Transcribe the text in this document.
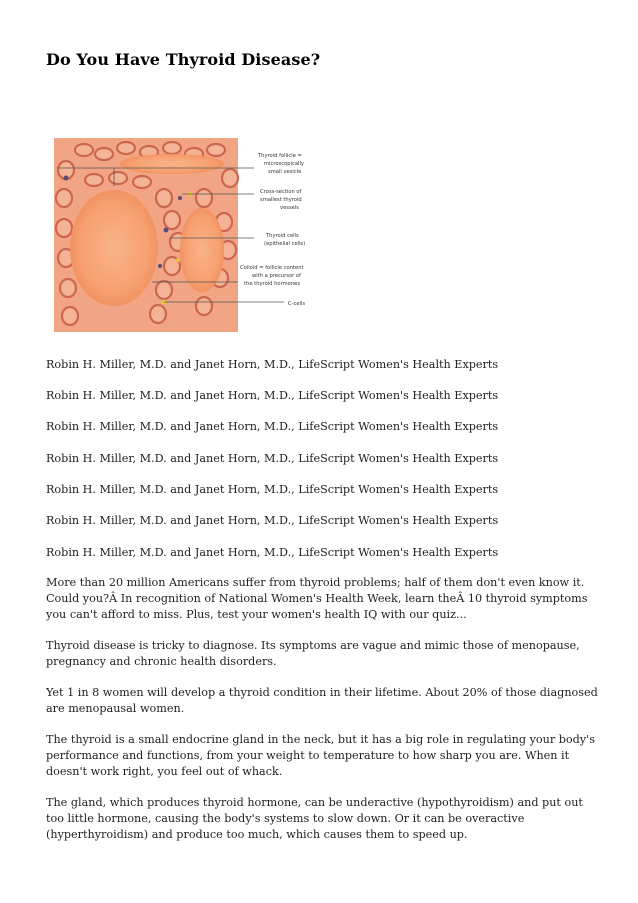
Do You Have Thyroid Disease?
Thyroid follicle =
microscopically
small vesicle
Cross-section of
smallest thyroid
vessels
Thyroid cells
(epithelial cells)
Colloid = follicle content
with a precursor of
the thyroid hormones
C-cells

Robin H. Miller, M.D. and Janet Horn, M.D., LifeScript Women's Health Experts

Robin H. Miller, M.D. and Janet Horn, M.D., LifeScript Women's Health Experts

Robin H. Miller, M.D. and Janet Horn, M.D., LifeScript Women's Health Experts

Robin H. Miller, M.D. and Janet Horn, M.D., LifeScript Women's Health Experts

Robin H. Miller, M.D. and Janet Horn, M.D., LifeScript Women's Health Experts

Robin H. Miller, M.D. and Janet Horn, M.D., LifeScript Women's Health Experts

Robin H. Miller, M.D. and Janet Horn, M.D., LifeScript Women's Health Experts

More than 20 million Americans suffer from thyroid problems; half of them don't even know it. Could you?Â In recognition of National Women's Health Week, learn theÂ 10 thyroid symptoms you can't afford to miss. Plus, test your women's health IQ with our quiz...

Thyroid disease is tricky to diagnose. Its symptoms are vague and mimic those of menopause, pregnancy and chronic health disorders.

Yet 1 in 8 women will develop a thyroid condition in their lifetime. About 20% of those diagnosed are menopausal women.

The thyroid is a small endocrine gland in the neck, but it has a big role in regulating your body's performance and functions, from your weight to temperature to how sharp you are. When it doesn't work right, you feel out of whack.

The gland, which produces thyroid hormone, can be underactive (hypothyroidism) and put out too little hormone, causing the body's systems to slow down. Or it can be overactive (hyperthyroidism) and produce too much, which causes them to speed up.
